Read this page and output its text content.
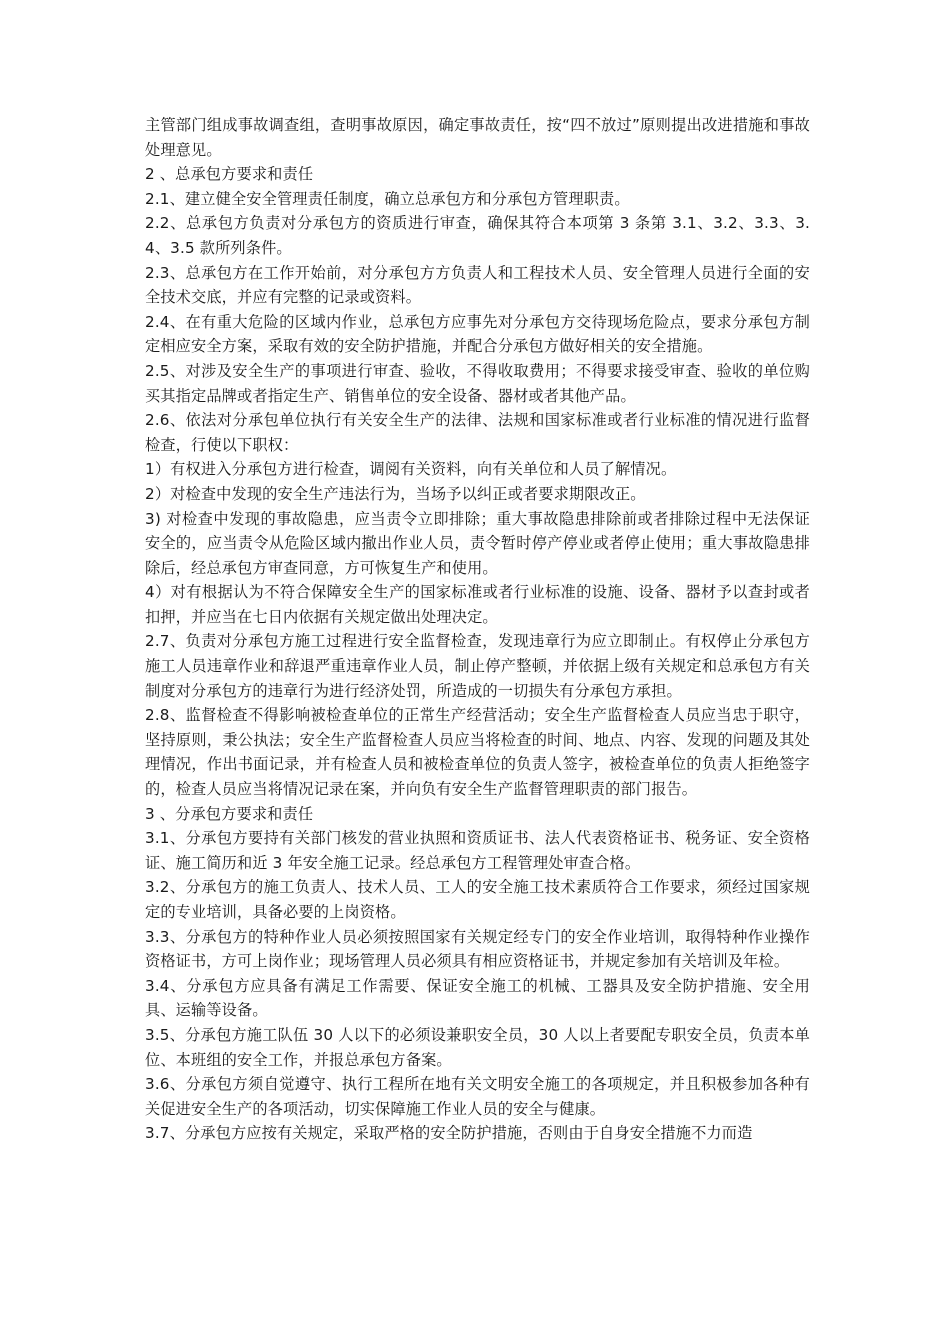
主管部门组成事故调查组，查明事故原因，确定事故责任，按“四不放过”原则提出改进措施和事故处理意见。

2 、总承包方要求和责任

2.1、建立健全安全管理责任制度，确立总承包方和分承包方管理职责。

2.2、总承包方负责对分承包方的资质进行审查，确保其符合本项第 3 条第 3.1、3.2、3.3、3.4、3.5 款所列条件。

2.3、总承包方在工作开始前，对分承包方方负责人和工程技术人员、安全管理人员进行全面的安全技术交底，并应有完整的记录或资料。

2.4、在有重大危险的区域内作业，总承包方应事先对分承包方交待现场危险点，要求分承包方制定相应安全方案，采取有效的安全防护措施，并配合分承包方做好相关的安全措施。

2.5、对涉及安全生产的事项进行审查、验收，不得收取费用；不得要求接受审查、验收的单位购买其指定品牌或者指定生产、销售单位的安全设备、器材或者其他产品。

2.6、依法对分承包单位执行有关安全生产的法律、法规和国家标准或者行业标准的情况进行监督检查，行使以下职权：

1）有权进入分承包方进行检查，调阅有关资料，向有关单位和人员了解情况。

2）对检查中发现的安全生产违法行为，当场予以纠正或者要求期限改正。

3) 对检查中发现的事故隐患，应当责令立即排除；重大事故隐患排除前或者排除过程中无法保证安全的，应当责令从危险区域内撤出作业人员，责令暂时停产停业或者停止使用；重大事故隐患排除后，经总承包方审查同意，方可恢复生产和使用。

4）对有根据认为不符合保障安全生产的国家标准或者行业标准的设施、设备、器材予以查封或者扣押，并应当在七日内依据有关规定做出处理决定。

2.7、负责对分承包方施工过程进行安全监督检查，发现违章行为应立即制止。有权停止分承包方施工人员违章作业和辞退严重违章作业人员，制止停产整顿，并依据上级有关规定和总承包方有关制度对分承包方的违章行为进行经济处罚，所造成的一切损失有分承包方承担。

2.8、监督检查不得影响被检查单位的正常生产经营活动；安全生产监督检查人员应当忠于职守，坚持原则，秉公执法；安全生产监督检查人员应当将检查的时间、地点、内容、发现的问题及其处理情况，作出书面记录，并有检查人员和被检查单位的负责人签字，被检查单位的负责人拒绝签字的，检查人员应当将情况记录在案，并向负有安全生产监督管理职责的部门报告。

3 、分承包方要求和责任

3.1、分承包方要持有关部门核发的营业执照和资质证书、法人代表资格证书、税务证、安全资格证、施工简历和近 3 年安全施工记录。经总承包方工程管理处审查合格。

3.2、分承包方的施工负责人、技术人员、工人的安全施工技术素质符合工作要求，须经过国家规定的专业培训，具备必要的上岗资格。

3.3、分承包方的特种作业人员必须按照国家有关规定经专门的安全作业培训，取得特种作业操作资格证书，方可上岗作业；现场管理人员必须具有相应资格证书，并规定参加有关培训及年检。

3.4、分承包方应具备有满足工作需要、保证安全施工的机械、工器具及安全防护措施、安全用具、运输等设备。

3.5、分承包方施工队伍 30 人以下的必须设兼职安全员，30 人以上者要配专职安全员，负责本单位、本班组的安全工作，并报总承包方备案。

3.6、分承包方须自觉遵守、执行工程所在地有关文明安全施工的各项规定，并且积极参加各种有关促进安全生产的各项活动，切实保障施工作业人员的安全与健康。

3.7、分承包方应按有关规定，采取严格的安全防护措施，否则由于自身安全措施不力而造
